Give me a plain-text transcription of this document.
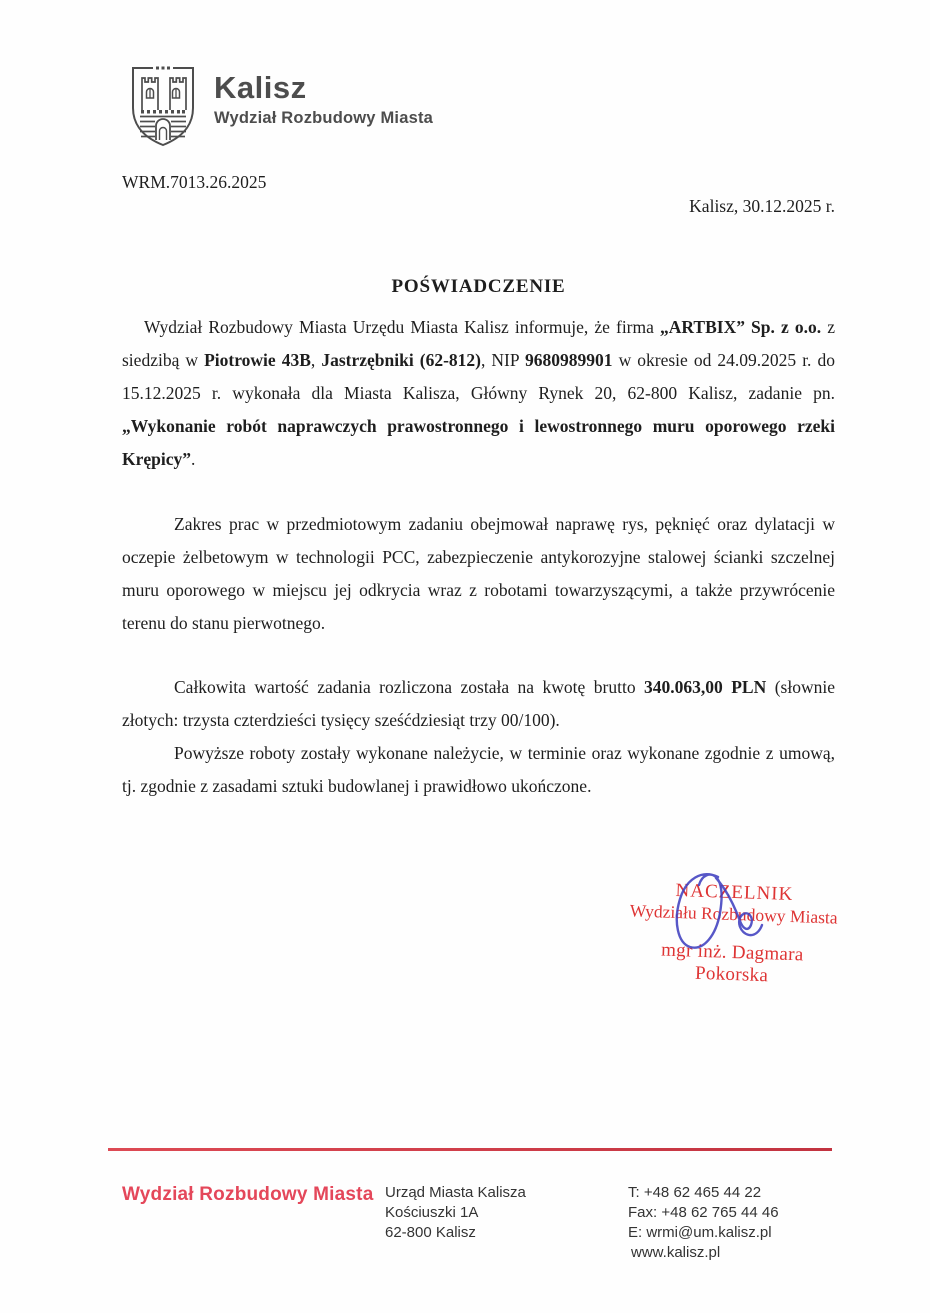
Kalisz
Wydział Rozbudowy Miasta
WRM.7013.26.2025
Kalisz, 30.12.2025 r.
POŚWIADCZENIE

Wydział Rozbudowy Miasta Urzędu Miasta Kalisz informuje, że firma „ARTBIX” Sp. z o.o. z siedzibą w Piotrowie 43B, Jastrzębniki (62-812), NIP 9680989901 w okresie od 24.09.2025 r. do 15.12.2025 r. wykonała dla Miasta Kalisza, Główny Rynek 20, 62-800 Kalisz, zadanie pn. „Wykonanie robót naprawczych prawostronnego i lewostronnego muru oporowego rzeki Krępicy”.

Zakres prac w przedmiotowym zadaniu obejmował naprawę rys, pęknięć oraz dylatacji w oczepie żelbetowym w technologii PCC, zabezpieczenie antykorozyjne stalowej ścianki szczelnej muru oporowego w miejscu jej odkrycia wraz z robotami towarzyszącymi, a także przywrócenie terenu do stanu pierwotnego.

Całkowita wartość zadania rozliczona została na kwotę brutto 340.063,00 PLN (słownie złotych: trzysta czterdzieści tysięcy sześćdziesiąt trzy 00/100).

Powyższe roboty zostały wykonane należycie, w terminie oraz wykonane zgodnie z umową, tj. zgodnie z zasadami sztuki budowlanej i prawidłowo ukończone.

NACZELNIK
Wydziału Rozbudowy Miasta
mgr inż. Dagmara Pokorska
Wydział Rozbudowy Miasta Urząd Miasta Kalisza
Kościuszki 1A
62-800 Kalisz
T: +48 62 465 44 22
Fax: +48 62 765 44 46
E: wrmi@um.kalisz.pl
www.kalisz.pl
